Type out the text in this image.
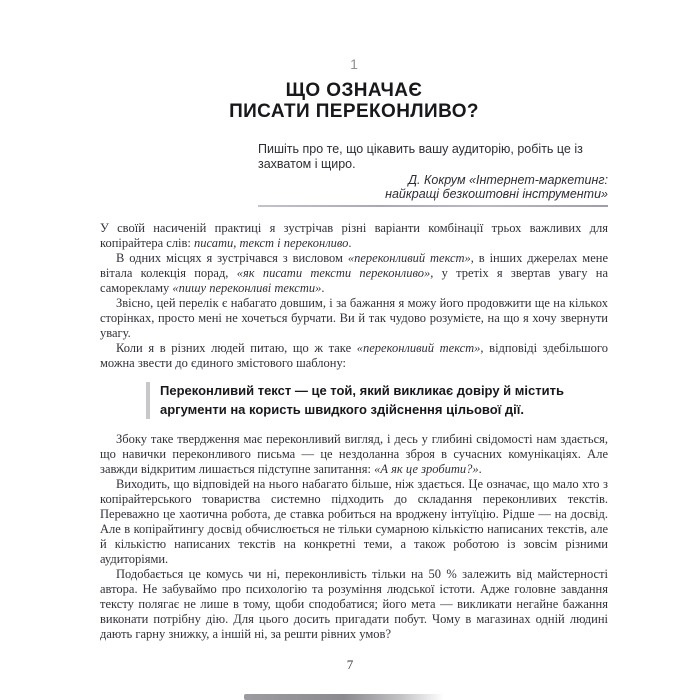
1
ЩО ОЗНАЧАЄ
ПИСАТИ ПЕРЕКОНЛИВО?
Пишіть про те, що цікавить вашу аудиторію, робіть це із захватом і щиро.
Д. Кокрум «Інтернет-маркетинг:
найкращі безкоштовні інструменти»

У своїй насиченій практиці я зустрічав різні варіанти комбінації трьох важливих для копірайтера слів: писати, текст і переконливо.

В одних місцях я зустрічався з висловом «переконливий текст», в інших джерелах мене вітала колекція порад, «як писати тексти переконливо», у третіх я звертав увагу на саморекламу «пишу переконливі тексти».

Звісно, цей перелік є набагато довшим, і за бажання я можу його продовжити ще на кількох сторінках, просто мені не хочеться бурчати. Ви й так чудово розумієте, на що я хочу звернути увагу.

Коли я в різних людей питаю, що ж таке «переконливий текст», відповіді здебільшого можна звести до єдиного змістового шаблону:

Переконливий текст — це той, який викликає довіру й містить аргументи на користь швидкого здійснення цільової дії.

Збоку таке твердження має переконливий вигляд, і десь у глибині свідомості нам здається, що навички переконливого письма — це нездоланна зброя в сучасних комунікаціях. Але завжди відкритим лишається підступне запитання: «А як це зробити?».

Виходить, що відповідей на нього набагато більше, ніж здається. Це означає, що мало хто з копірайтерського товариства системно підходить до складання переконливих текстів. Переважно це хаотична робота, де ставка робиться на вроджену інтуїцію. Рідше — на досвід. Але в копірайтингу досвід обчислюється не тільки сумарною кількістю написаних текстів, але й кількістю написаних текстів на конкретні теми, а також роботою із зовсім різними аудиторіями.

Подобається це комусь чи ні, переконливість тільки на 50 % залежить від майстерності автора. Не забуваймо про психологію та розуміння людської істоти. Адже головне завдання тексту полягає не лише в тому, щоби сподобатися; його мета — викликати негайне бажання виконати потрібну дію. Для цього досить пригадати побут. Чому в магазинах одній людині дають гарну знижку, а іншій ні, за решти рівних умов?

7
